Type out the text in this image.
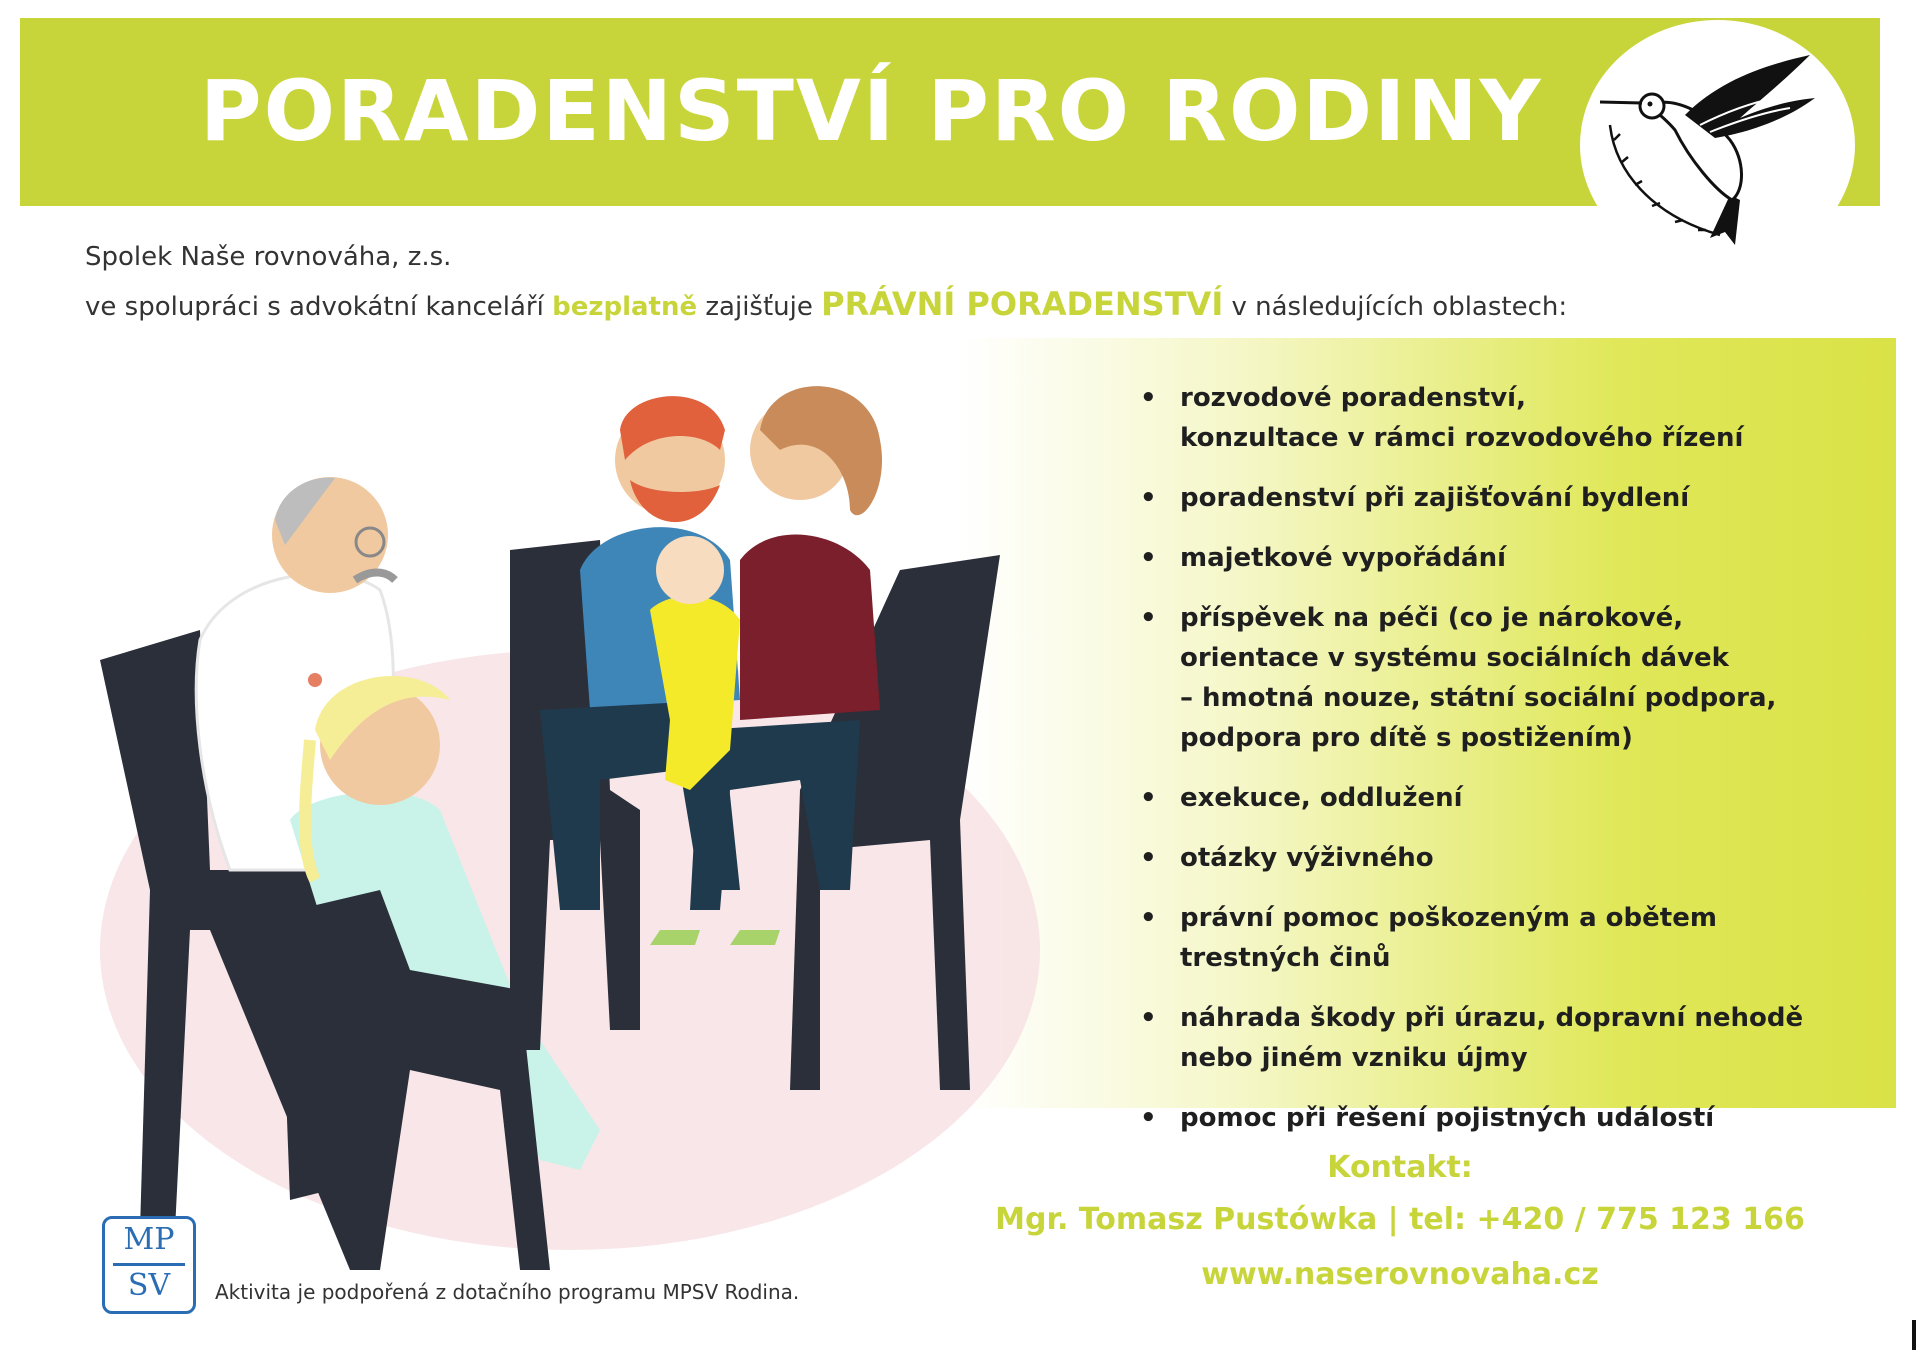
PORADENSTVÍ PRO RODINY
Spolek Naše rovnováha, z.s.
ve spolupráci s advokátní kanceláří bezplatně zajišťuje PRÁVNÍ PORADENSTVÍ v následujících oblastech:
• rozvodové poradenství,
konzultace v rámci rozvodového řízení
• poradenství při zajišťování bydlení
• majetkové vypořádání
• příspěvek na péči (co je nárokové,
orientace v systému sociálních dávek
– hmotná nouze, státní sociální podpora,
podpora pro dítě s postižením)
• exekuce, oddlužení
• otázky výživného
• právní pomoc poškozeným a obětem
trestných činů
• náhrada škody při úrazu, dopravní nehodě
nebo jiném vzniku újmy
• pomoc při řešení pojistných událostí
Kontakt:
Mgr. Tomasz Pustówka | tel: +420 / 775 123 166
www.naserovnovaha.cz
MP
SV	Aktivita je podpořená z dotačního programu MPSV Rodina.
